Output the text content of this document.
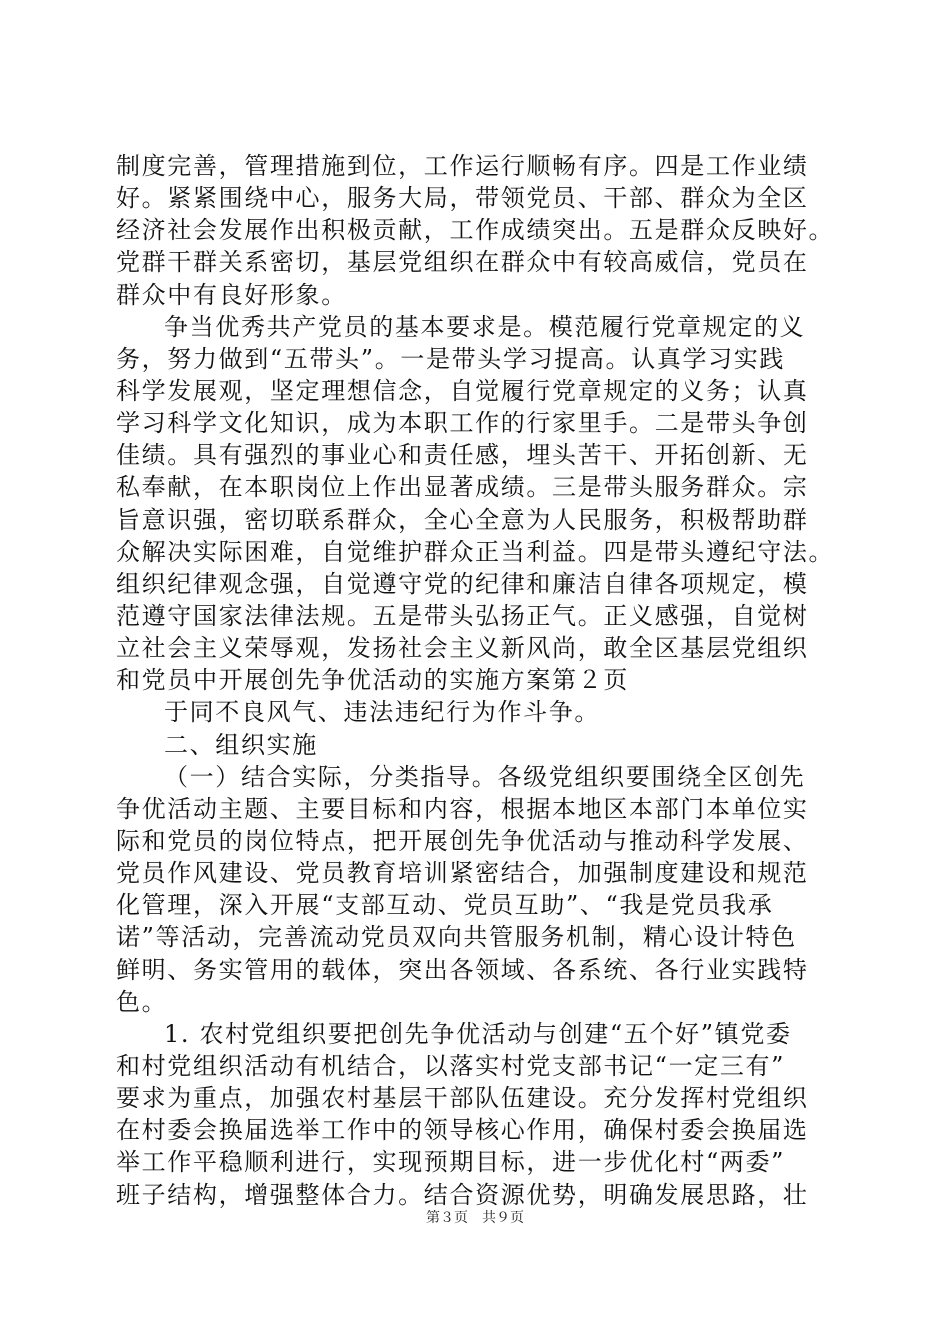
制度完善，管理措施到位，工作运行顺畅有序。四是工作业绩
好。紧紧围绕中心，服务大局，带领党员、干部、群众为全区
经济社会发展作出积极贡献，工作成绩突出。五是群众反映好。
党群干群关系密切，基层党组织在群众中有较高威信，党员在
群众中有良好形象。
争当优秀共产党员的基本要求是。模范履行党章规定的义
务，努力做到“五带头”。一是带头学习提高。认真学习实践
科学发展观，坚定理想信念，自觉履行党章规定的义务；认真
学习科学文化知识，成为本职工作的行家里手。二是带头争创
佳绩。具有强烈的事业心和责任感，埋头苦干、开拓创新、无
私奉献，在本职岗位上作出显著成绩。三是带头服务群众。宗
旨意识强，密切联系群众，全心全意为人民服务，积极帮助群
众解决实际困难，自觉维护群众正当利益。四是带头遵纪守法。
组织纪律观念强，自觉遵守党的纪律和廉洁自律各项规定，模
范遵守国家法律法规。五是带头弘扬正气。正义感强，自觉树
立社会主义荣辱观，发扬社会主义新风尚，敢全区基层党组织
和党员中开展创先争优活动的实施方案第２页
于同不良风气、违法违纪行为作斗争。
二、组织实施
（一）结合实际，分类指导。各级党组织要围绕全区创先
争优活动主题、主要目标和内容，根据本地区本部门本单位实
际和党员的岗位特点，把开展创先争优活动与推动科学发展、
党员作风建设、党员教育培训紧密结合，加强制度建设和规范
化管理，深入开展“支部互动、党员互助”、“我是党员我承
诺”等活动，完善流动党员双向共管服务机制，精心设计特色
鲜明、务实管用的载体，突出各领域、各系统、各行业实践特
色。
1. 农村党组织要把创先争优活动与创建“五个好”镇党委
和村党组织活动有机结合，以落实村党支部书记“一定三有”
要求为重点，加强农村基层干部队伍建设。充分发挥村党组织
在村委会换届选举工作中的领导核心作用，确保村委会换届选
举工作平稳顺利进行，实现预期目标，进一步优化村“两委”
班子结构，增强整体合力。结合资源优势，明确发展思路，壮
第３页　共９页
